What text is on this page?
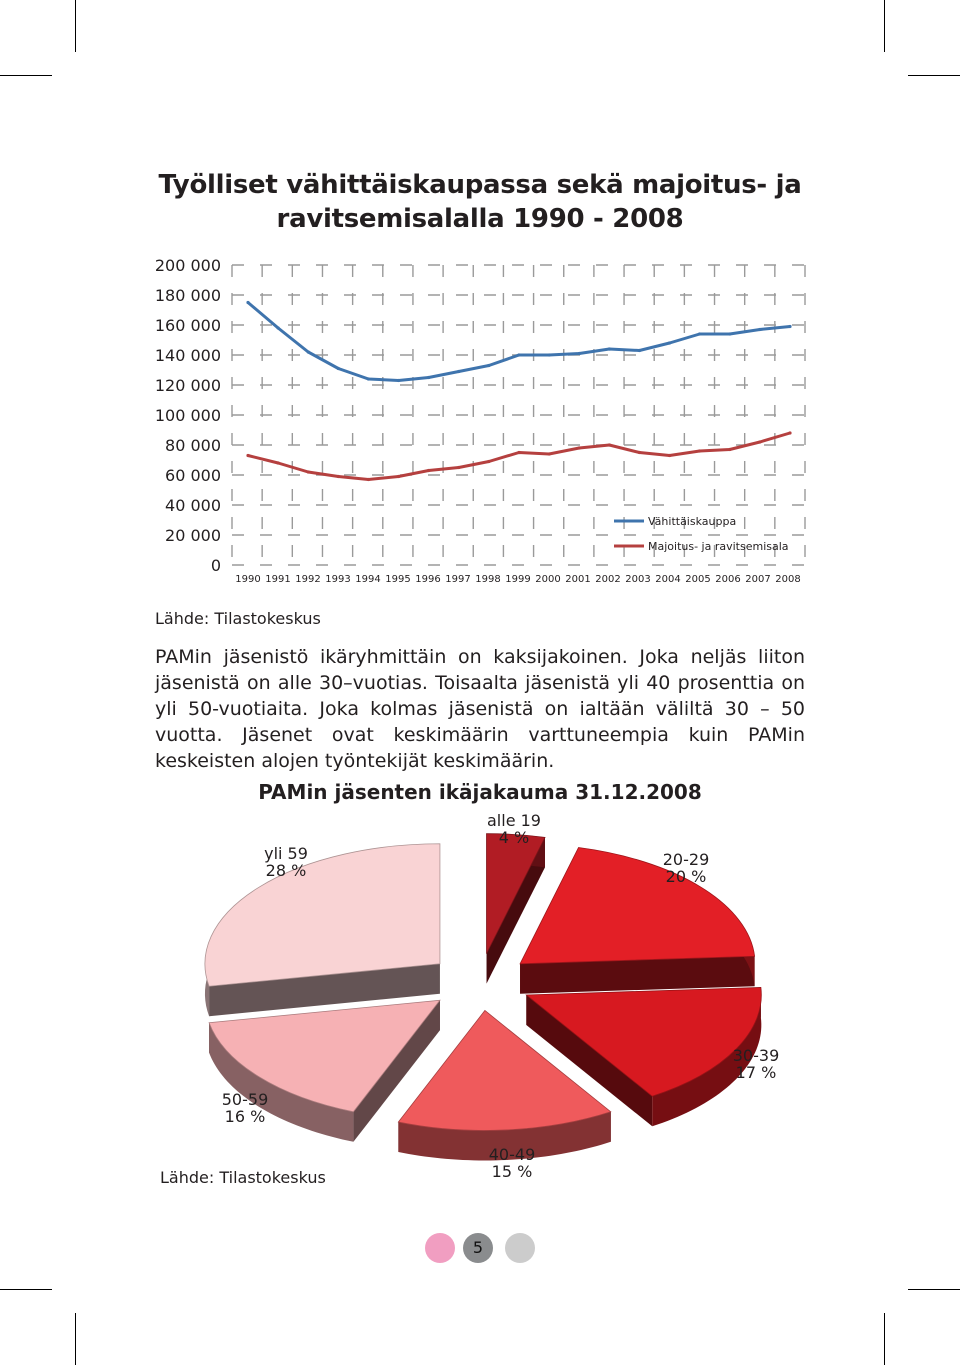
Työlliset vähittäiskaupassa sekä majoitus- ja
ravitsemisalalla 1990 - 2008
200 000
180 000
160 000
140 000
120 000
100 000
80 000
60 000
40 000
20 000
0
1990 1991 1992 1993 1994 1995 1996 1997 1998 1999 2000 2001 2002 2003 2004 2005 2006 2007 2008
Vähittäiskauppa
Majoitus- ja ravitsemisala
Lähde: Tilastokeskus
PAMin jäsenistö ikäryhmittäin on kaksijakoinen. Joka neljäs liiton jäsenistä on alle 30–vuotias. Toisaalta jäsenistä yli 40 prosenttia on yli 50-vuotiaita. Joka kolmas jäsenistä on ialtään väliltä 30 – 50 vuotta. Jäsenet ovat keskimäärin varttuneempia kuin PAMin keskeisten alojen työntekijät keskimäärin.
PAMin jäsenten ikäjakauma 31.12.2008
alle 19
4 %
20-29
20 %
30-39
17 %
40-49
15 %
50-59
16 %
yli 59
28 %
Lähde: Tilastokeskus
5
